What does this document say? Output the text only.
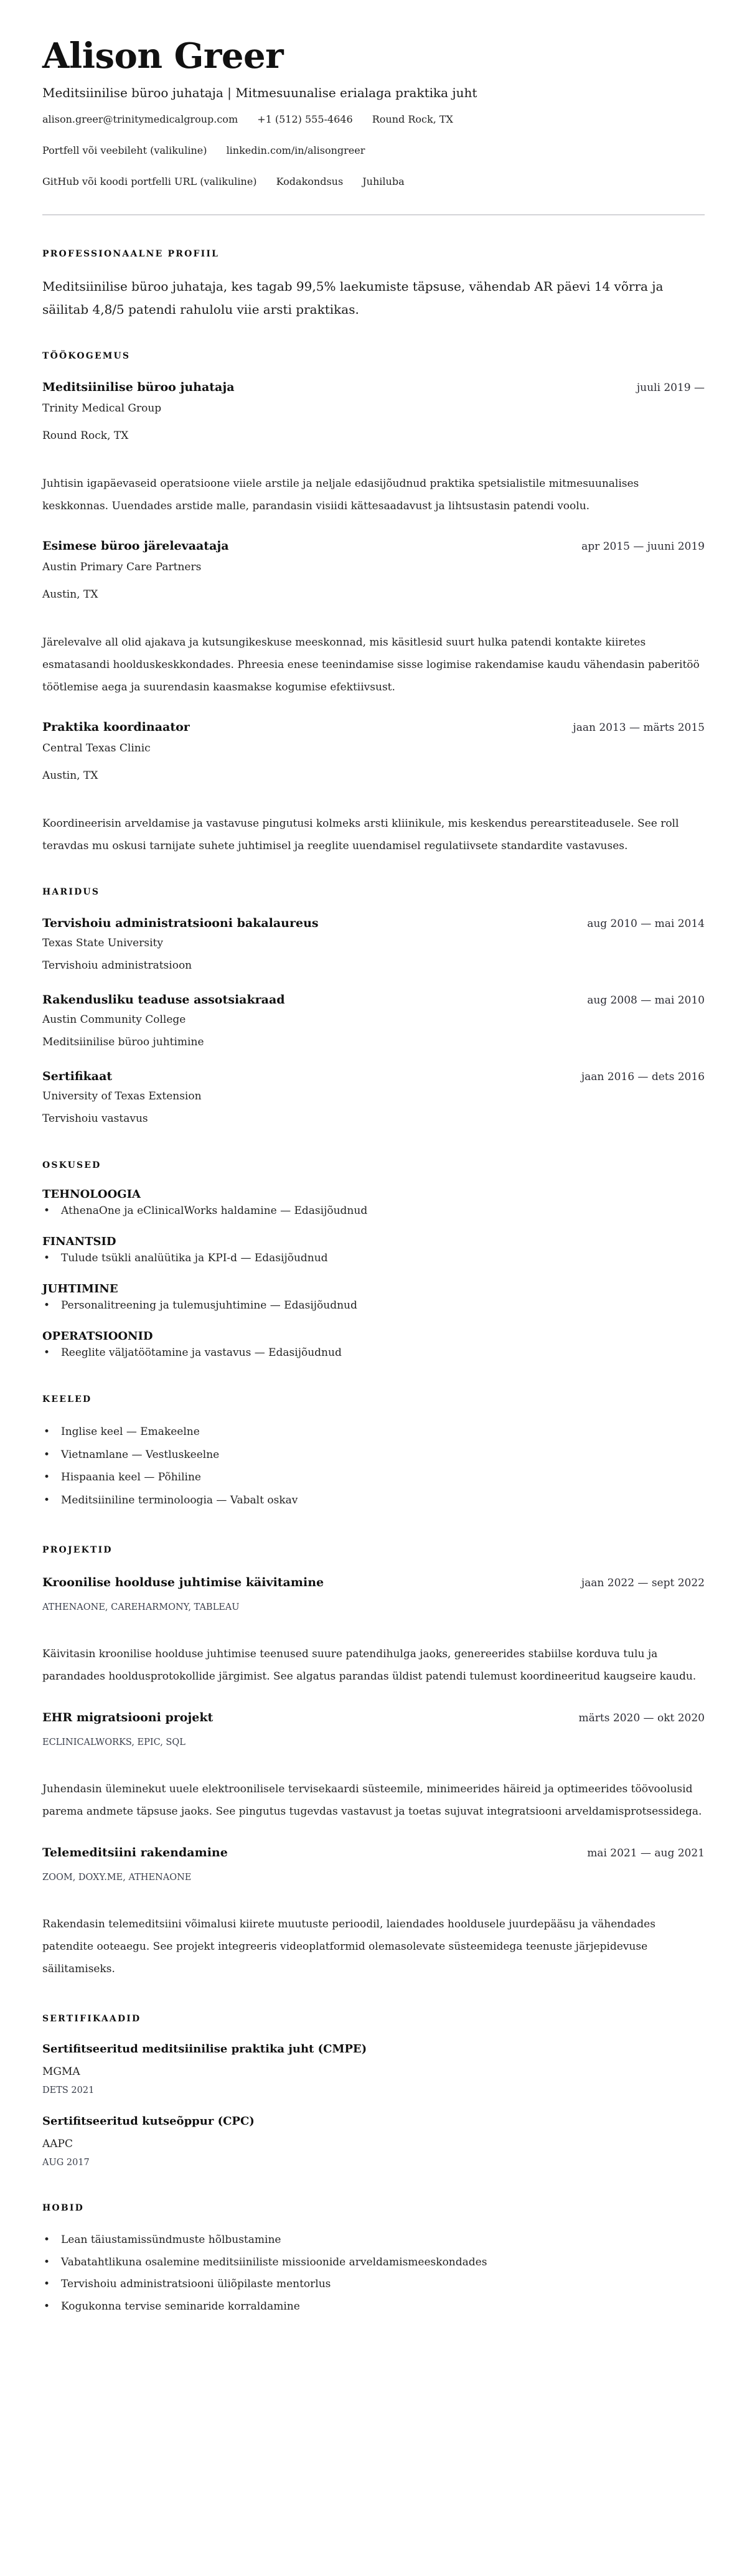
Alison Greer

Meditsiinilise büroo juhataja | Mitmesuunalise erialaga praktika juht

alison.greer@trinitymedicalgroup.com +1 (512) 555-4646 Round Rock, TX
Portfell või veebileht (valikuline) linkedin.com/in/alisongreer
GitHub või koodi portfelli URL (valikuline) Kodakondsus Juhiluba
PROFESSIONAALNE PROFIIL

Meditsiinilise büroo juhataja, kes tagab 99,5% laekumiste täpsuse, vähendab AR päevi 14 võrra ja säilitab 4,8/5 patendi rahulolu viie arsti praktikas.

TÖÖKOGEMUS
Meditsiinilise büroo juhataja	juuli 2019 —
Trinity Medical Group
Round Rock, TX

Juhtisin igapäevaseid operatsioone viiele arstile ja neljale edasijõudnud praktika spetsialistile mitmesuunalises keskkonnas. Uuendades arstide malle, parandasin visiidi kättesaadavust ja lihtsustasin patendi voolu.

Esimese büroo järelevaataja	apr 2015 — juuni 2019
Austin Primary Care Partners
Austin, TX

Järelevalve all olid ajakava ja kutsungikeskuse meeskonnad, mis käsitlesid suurt hulka patendi kontakte kiiretes esmatasandi hoolduskeskkondades. Phreesia enese teenindamise sisse logimise rakendamise kaudu vähendasin paberitöö töötlemise aega ja suurendasin kaasmakse kogumise efektiivsust.

Praktika koordinaator	jaan 2013 — märts 2015
Central Texas Clinic
Austin, TX

Koordineerisin arveldamise ja vastavuse pingutusi kolmeks arsti kliinikule, mis keskendus perearstiteadusele. See roll teravdas mu oskusi tarnijate suhete juhtimisel ja reeglite uuendamisel regulatiivsete standardite vastavuses.

HARIDUS
Tervishoiu administratsiooni bakalaureus	aug 2010 — mai 2014
Texas State University
Tervishoiu administratsioon
Rakendusliku teaduse assotsiakraad	aug 2008 — mai 2010
Austin Community College
Meditsiinilise büroo juhtimine
Sertifikaat	jaan 2016 — dets 2016
University of Texas Extension
Tervishoiu vastavus
OSKUSED
TEHNOLOOGIA
• AthenaOne ja eClinicalWorks haldamine — Edasijõudnud
FINANTSID
• Tulude tsükli analüütika ja KPI-d — Edasijõudnud
JUHTIMINE
• Personalitreening ja tulemusjuhtimine — Edasijõudnud
OPERATSIOONID
• Reeglite väljatöötamine ja vastavus — Edasijõudnud
KEELED
• Inglise keel — Emakeelne
• Vietnamlane — Vestluskeelne
• Hispaania keel — Põhiline
• Meditsiiniline terminoloogia — Vabalt oskav
PROJEKTID
Kroonilise hoolduse juhtimise käivitamine	jaan 2022 — sept 2022
ATHENAONE, CAREHARMONY, TABLEAU

Käivitasin kroonilise hoolduse juhtimise teenused suure patendihulga jaoks, genereerides stabiilse korduva tulu ja parandades hooldusprotokollide järgimist. See algatus parandas üldist patendi tulemust koordineeritud kaugseire kaudu.

EHR migratsiooni projekt	märts 2020 — okt 2020
ECLINICALWORKS, EPIC, SQL

Juhendasin üleminekut uuele elektroonilisele tervisekaardi süsteemile, minimeerides häireid ja optimeerides töövoolusid parema andmete täpsuse jaoks. See pingutus tugevdas vastavust ja toetas sujuvat integratsiooni arveldamisprotsessidega.

Telemeditsiini rakendamine	mai 2021 — aug 2021
ZOOM, DOXY.ME, ATHENAONE

Rakendasin telemeditsiini võimalusi kiirete muutuste perioodil, laiendades hooldusele juurdepääsu ja vähendades patendite ooteaegu. See projekt integreeris videoplatformid olemasolevate süsteemidega teenuste järjepidevuse säilitamiseks.

SERTIFIKAADID
Sertifitseeritud meditsiinilise praktika juht (CMPE)
MGMA
DETS 2021
Sertifitseeritud kutseõppur (CPC)
AAPC
AUG 2017
HOBID
• Lean täiustamissündmuste hõlbustamine
• Vabatahtlikuna osalemine meditsiiniliste missioonide arveldamismeeskondades
• Tervishoiu administratsiooni üliõpilaste mentorlus
• Kogukonna tervise seminaride korraldamine
